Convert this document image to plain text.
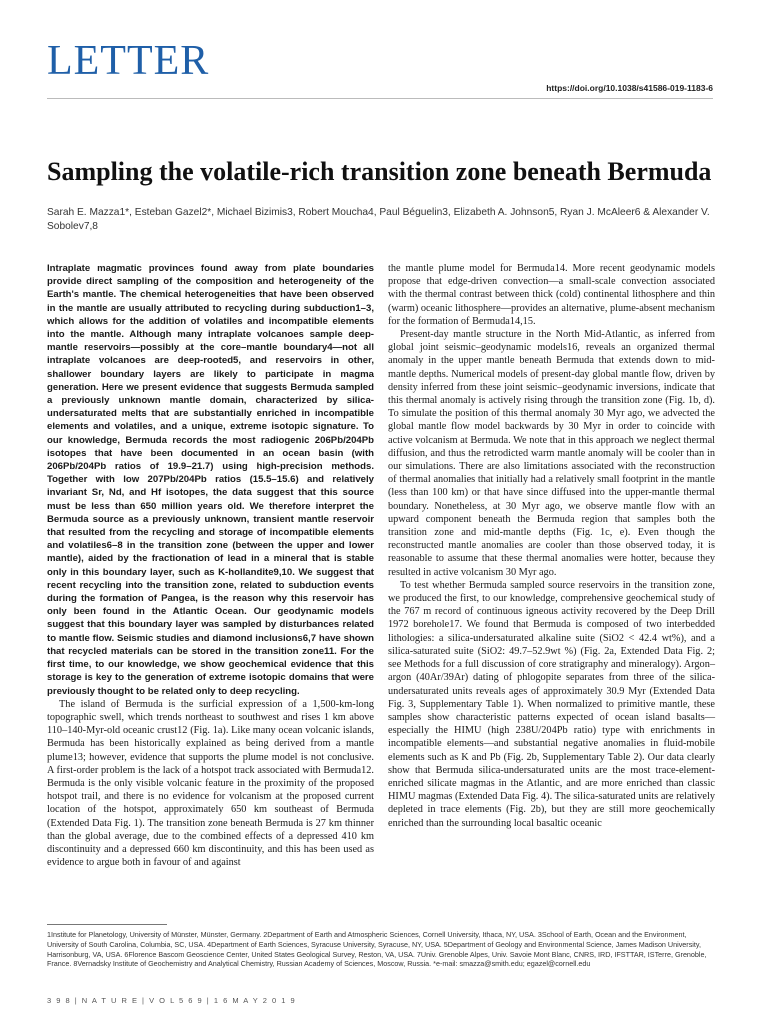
LETTER
https://doi.org/10.1038/s41586-019-1183-6
Sampling the volatile-rich transition zone beneath Bermuda
Sarah E. Mazza1*, Esteban Gazel2*, Michael Bizimis3, Robert Moucha4, Paul Béguelin3, Elizabeth A. Johnson5, Ryan J. McAleer6 & Alexander V. Sobolev7,8

Intraplate magmatic provinces found away from plate boundaries provide direct sampling of the composition and heterogeneity of the Earth's mantle. The chemical heterogeneities that have been observed in the mantle are usually attributed to recycling during subduction1–3, which allows for the addition of volatiles and incompatible elements into the mantle. Although many intraplate volcanoes sample deep-mantle reservoirs—possibly at the core–mantle boundary4—not all intraplate volcanoes are deep-rooted5, and reservoirs in other, shallower boundary layers are likely to participate in magma generation. Here we present evidence that suggests Bermuda sampled a previously unknown mantle domain, characterized by silica-undersaturated melts that are substantially enriched in incompatible elements and volatiles, and a unique, extreme isotopic signature. To our knowledge, Bermuda records the most radiogenic 206Pb/204Pb isotopes that have been documented in an ocean basin (with 206Pb/204Pb ratios of 19.9–21.7) using high-precision methods. Together with low 207Pb/204Pb ratios (15.5–15.6) and relatively invariant Sr, Nd, and Hf isotopes, the data suggest that this source must be less than 650 million years old. We therefore interpret the Bermuda source as a previously unknown, transient mantle reservoir that resulted from the recycling and storage of incompatible elements and volatiles6–8 in the transition zone (between the upper and lower mantle), aided by the fractionation of lead in a mineral that is stable only in this boundary layer, such as K-hollandite9,10. We suggest that recent recycling into the transition zone, related to subduction events during the formation of Pangea, is the reason why this reservoir has only been found in the Atlantic Ocean. Our geodynamic models suggest that this boundary layer was sampled by disturbances related to mantle flow. Seismic studies and diamond inclusions6,7 have shown that recycled materials can be stored in the transition zone11. For the first time, to our knowledge, we show geochemical evidence that this storage is key to the generation of extreme isotopic domains that were previously thought to be related only to deep recycling.

The island of Bermuda is the surficial expression of a 1,500-km-long topographic swell, which trends northeast to southwest and rises 1 km above 110–140-Myr-old oceanic crust12 (Fig. 1a). Like many ocean volcanic islands, Bermuda has been historically explained as being derived from a mantle plume13; however, evidence that supports the plume model is not conclusive. A first-order problem is the lack of a hotspot track associated with Bermuda12. Bermuda is the only visible volcanic feature in the proximity of the proposed hotspot trail, and there is no evidence for volcanism at the proposed current location of the hotspot, approximately 650 km southeast of Bermuda (Extended Data Fig. 1). The transition zone beneath Bermuda is 27 km thinner than the global average, due to the combined effects of a depressed 410 km discontinuity and a depressed 660 km discontinuity, and this has been used as evidence to argue both in favour of and against

the mantle plume model for Bermuda14. More recent geodynamic models propose that edge-driven convection—a small-scale convection associated with the thermal contrast between thick (cold) continental lithosphere and thin (warm) oceanic lithosphere—provides an alternative, plume-absent mechanism for the formation of Bermuda14,15.

Present-day mantle structure in the North Mid-Atlantic, as inferred from global joint seismic–geodynamic models16, reveals an organized thermal anomaly in the upper mantle beneath Bermuda that extends down to mid-mantle depths. Numerical models of present-day global mantle flow, driven by density inferred from these joint seismic–geodynamic inversions, indicate that this thermal anomaly is actively rising through the transition zone (Fig. 1b, d). To simulate the position of this thermal anomaly 30 Myr ago, we advected the global mantle flow model backwards by 30 Myr in order to coincide with active volcanism at Bermuda. We note that in this approach we neglect thermal diffusion, and thus the retrodicted warm mantle anomaly will be cooler than in our simulations. There are also limitations associated with the reconstruction of thermal anomalies that initially had a relatively small footprint in the mantle (less than 100 km) or that have since diffused into the upper-mantle thermal boundary. Nonetheless, at 30 Myr ago, we observe mantle flow with an upward component beneath the Bermuda region that samples both the transition zone and mid-mantle depths (Fig. 1c, e). Even though the reconstructed mantle anomalies are cooler than those observed today, it is reasonable to assume that these thermal anomalies were hotter, because they resulted in active volcanism 30 Myr ago.

To test whether Bermuda sampled source reservoirs in the transition zone, we produced the first, to our knowledge, comprehensive geochemical study of the 767 m record of continuous igneous activity recovered by the Deep Drill 1972 borehole17. We found that Bermuda is composed of two interbedded lithologies: a silica-undersaturated alkaline suite (SiO2 < 42.4 wt%), and a silica-saturated suite (SiO2: 49.7–52.9wt %) (Fig. 2a, Extended Data Fig. 2; see Methods for a full discussion of core stratigraphy and mineralogy). Argon–argon (40Ar/39Ar) dating of phlogopite separates from three of the silica-undersaturated units reveals ages of approximately 30.9 Myr (Extended Data Fig. 3, Supplementary Table 1). When normalized to primitive mantle, these samples show characteristic patterns expected of ocean island basalts—especially the HIMU (high 238U/204Pb ratio) type with enrichments in incompatible elements—and substantial negative anomalies in fluid-mobile elements such as K and Pb (Fig. 2b, Supplementary Table 2). Our data clearly show that Bermuda silica-undersaturated units are the most trace-element-enriched silicate magmas in the Atlantic, and are more enriched than classic HIMU magmas (Extended Data Fig. 4). The silica-saturated units are relatively depleted in trace elements (Fig. 2b), but they are still more geochemically enriched than the surrounding local basaltic oceanic

1Institute for Planetology, University of Münster, Münster, Germany. 2Department of Earth and Atmospheric Sciences, Cornell University, Ithaca, NY, USA. 3School of Earth, Ocean and the Environment, University of South Carolina, Columbia, SC, USA. 4Department of Earth Sciences, Syracuse University, Syracuse, NY, USA. 5Department of Geology and Environmental Science, James Madison University, Harrisonburg, VA, USA. 6Florence Bascom Geoscience Center, United States Geological Survey, Reston, VA, USA. 7Univ. Grenoble Alpes, Univ. Savoie Mont Blanc, CNRS, IRD, IFSTTAR, ISTerre, Grenoble, France. 8Vernadsky Institute of Geochemistry and Analytical Chemistry, Russian Academy of Sciences, Moscow, Russia. *e-mail: smazza@smith.edu; egazel@cornell.edu
3 9 8 | N A T U R E | V O L 5 6 9 | 1 6 M A Y 2 0 1 9
